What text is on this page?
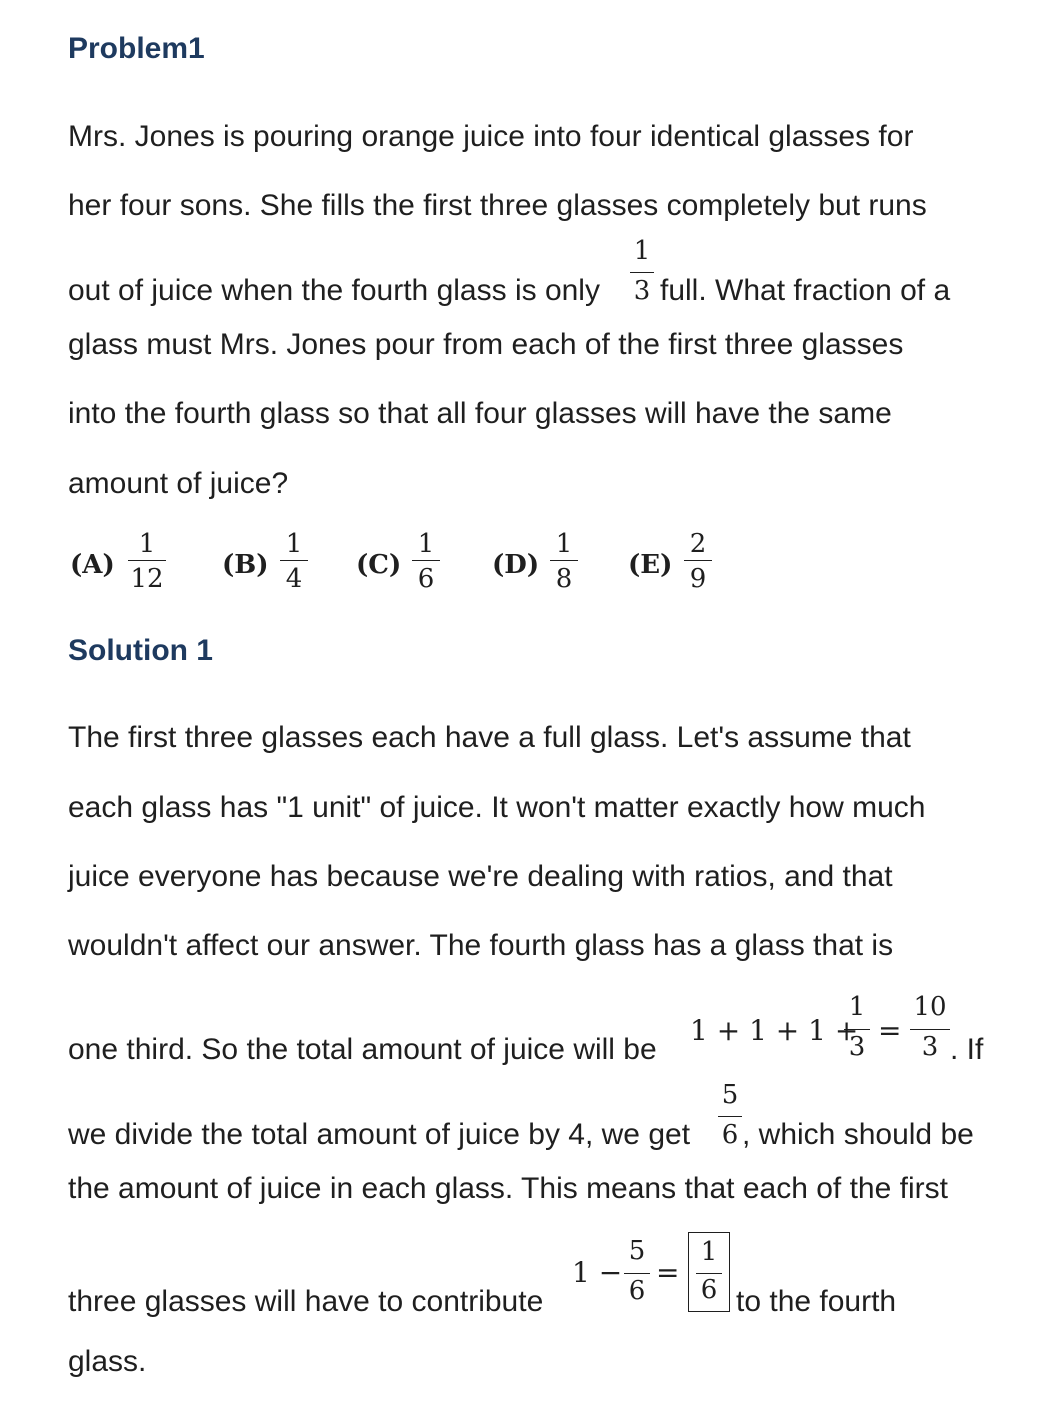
Problem1
Mrs. Jones is pouring orange juice into four identical glasses for
her four sons. She fills the first three glasses completely but runs
out of juice when the fourth glass is only
1
3 full. What fraction of a
glass must Mrs. Jones pour from each of the first three glasses
into the fourth glass so that all four glasses will have the same
amount of juice?
(A)
1
12 (B)
1
4 (C)
1
6 (D)
1
8 (E)
2
9
Solution 1
The first three glasses each have a full glass. Let's assume that
each glass has "1 unit" of juice. It won't matter exactly how much
juice everyone has because we're dealing with ratios, and that
wouldn't affect our answer. The fourth glass has a glass that is
one third. So the total amount of juice will be
1 + 1 + 1 +
1
3 =
10
3 . If
we divide the total amount of juice by 4, we get
5
6 , which should be
the amount of juice in each glass. This means that each of the first
three glasses will have to contribute
1 −
5
6
=
1
6 to the fourth
glass.
